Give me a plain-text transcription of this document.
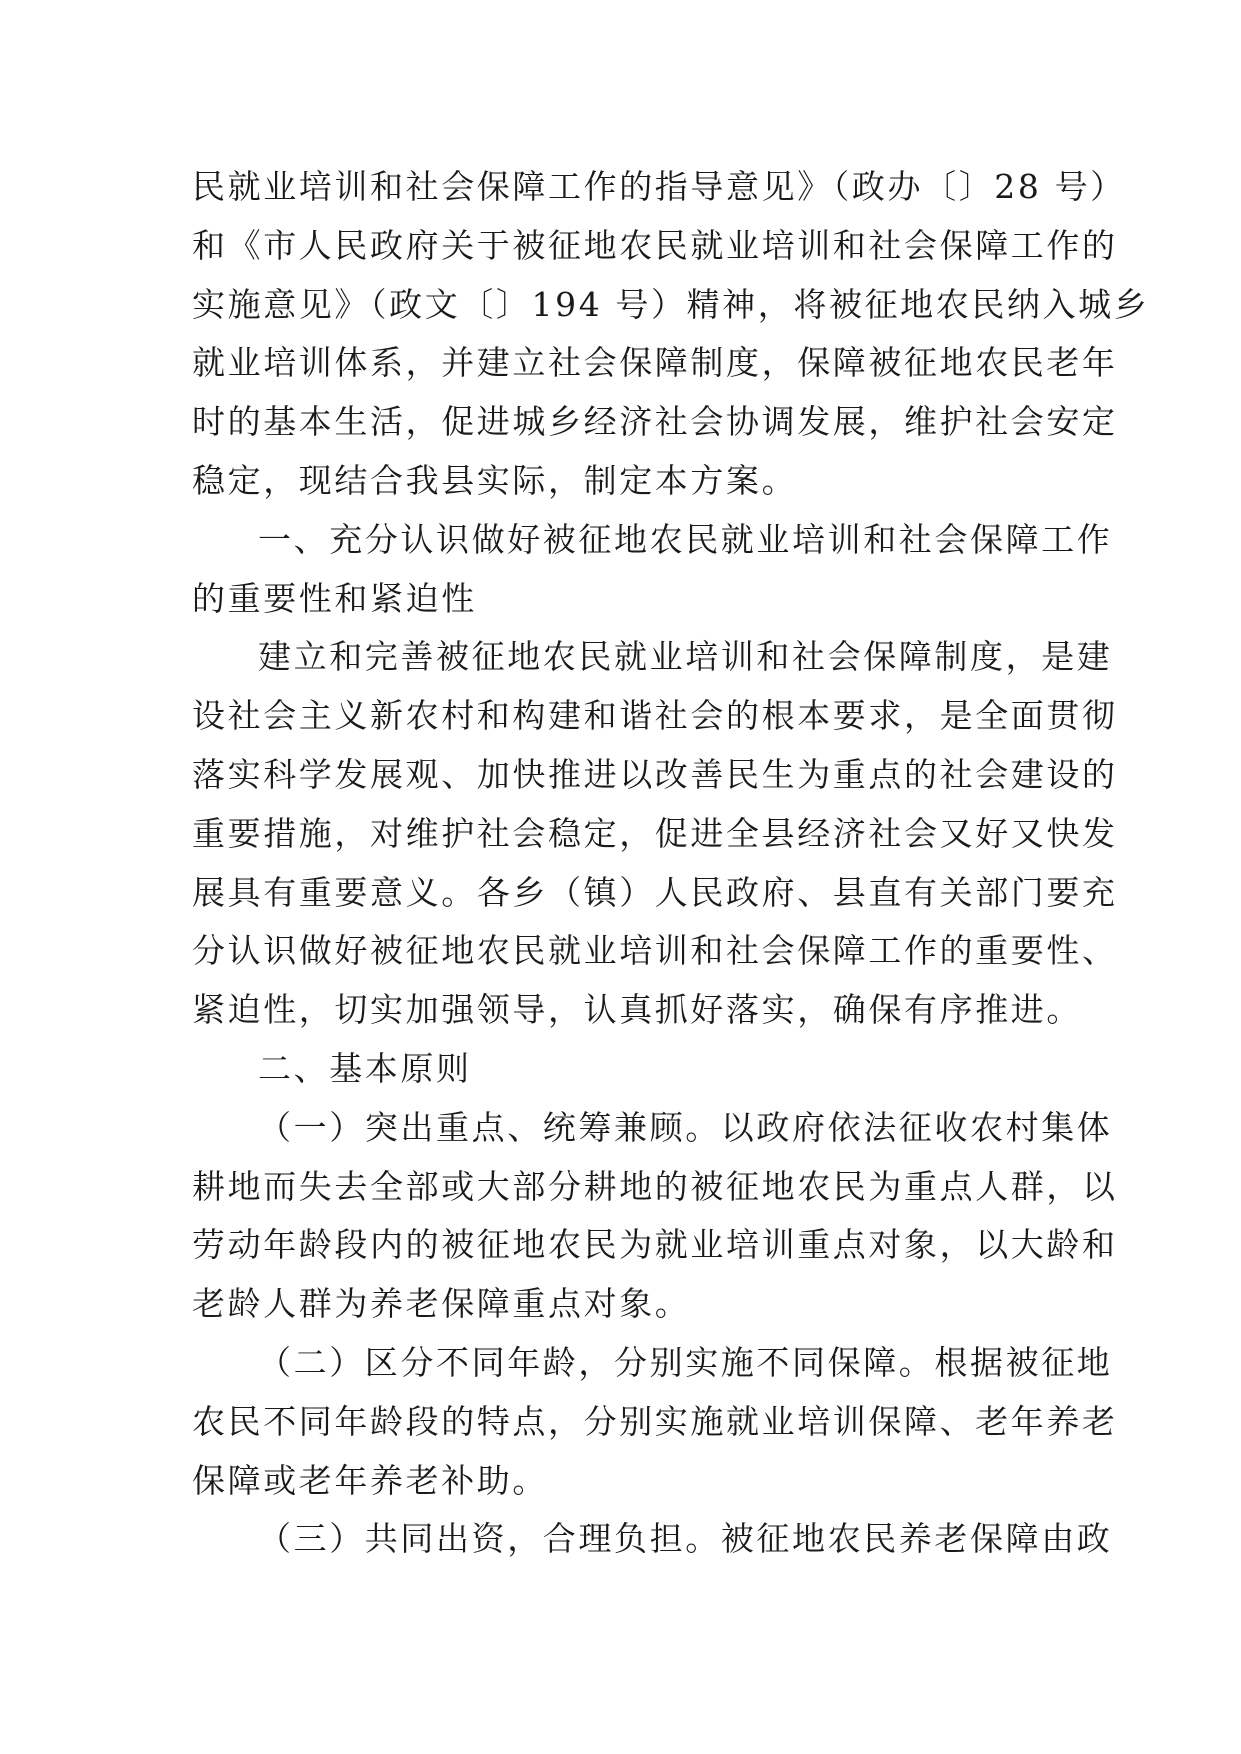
民就业培训和社会保障工作的指导意见》（政办〔〕28 号）
和《市人民政府关于被征地农民就业培训和社会保障工作的
实施意见》（政文〔〕194 号）精神，将被征地农民纳入城乡
就业培训体系，并建立社会保障制度，保障被征地农民老年
时的基本生活，促进城乡经济社会协调发展，维护社会安定
稳定，现结合我县实际，制定本方案。
一、充分认识做好被征地农民就业培训和社会保障工作
的重要性和紧迫性
建立和完善被征地农民就业培训和社会保障制度，是建
设社会主义新农村和构建和谐社会的根本要求，是全面贯彻
落实科学发展观、加快推进以改善民生为重点的社会建设的
重要措施，对维护社会稳定，促进全县经济社会又好又快发
展具有重要意义。各乡（镇）人民政府、县直有关部门要充
分认识做好被征地农民就业培训和社会保障工作的重要性、
紧迫性，切实加强领导，认真抓好落实，确保有序推进。
二、基本原则
（一）突出重点、统筹兼顾。以政府依法征收农村集体
耕地而失去全部或大部分耕地的被征地农民为重点人群，以
劳动年龄段内的被征地农民为就业培训重点对象，以大龄和
老龄人群为养老保障重点对象。
（二）区分不同年龄，分别实施不同保障。根据被征地
农民不同年龄段的特点，分别实施就业培训保障、老年养老
保障或老年养老补助。
（三）共同出资，合理负担。被征地农民养老保障由政
